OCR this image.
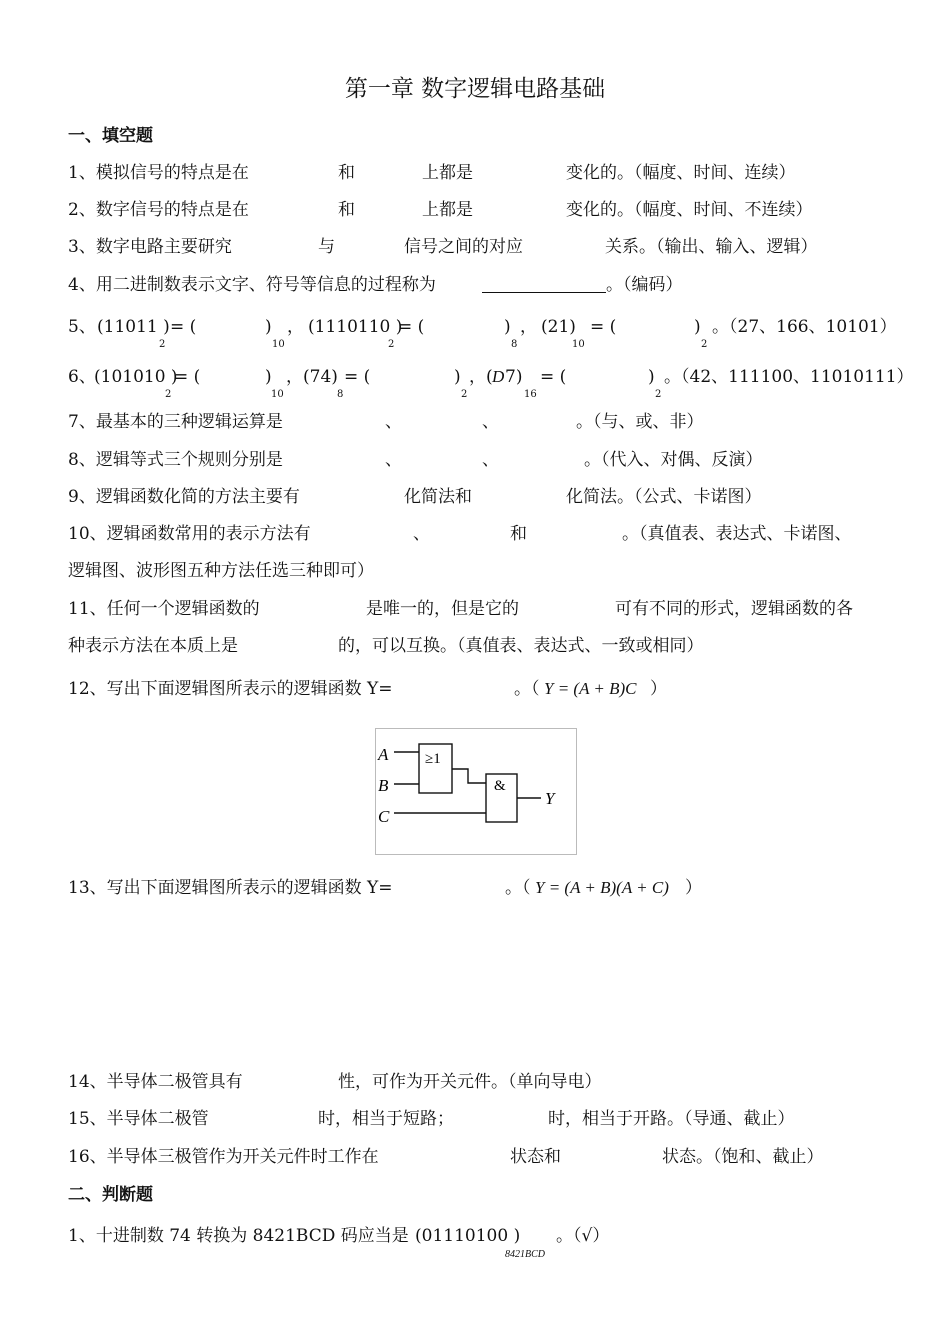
第一章 数字逻辑电路基础
一、填空题
1、模拟信号的特点是在	和	上都是	变化的。（幅度、时间、连续）
2、数字信号的特点是在	和	上都是	变化的。（幅度、时间、不连续）
3、数字电路主要研究	与	信号之间的对应	关系。（输出、输入、逻辑）
4、用二进制数表示文字、符号等信息的过程称为	。（编码）
5、 (11011 )
2
= (	)
10
， (1110110 )
2
= (	)
8
， (21)
10
= (	)
2
。（27、166、10101）
6、
(101010 )
2
= (	)
10
， (74)
8
= (	)
2
， ( D 7)
16
= (	)
2
。（42、111100、11010111）
7、最基本的三种逻辑运算是	、	、	。（与、或、非）
8、逻辑等式三个规则分别是	、	、	。（代入、对偶、反演）
9、逻辑函数化简的方法主要有	化简法和	化简法。（公式、卡诺图）
10、逻辑函数常用的表示方法有	、	和	。（真值表、表达式、卡诺图、
逻辑图、波形图五种方法任选三种即可）
11、任何一个逻辑函数的	是唯一的，但是它的	可有不同的形式，逻辑函数的各
种表示方法在本质上是	的，可以互换。（真值表、表达式、一致或相同）
12、写出下面逻辑图所表示的逻辑函数 Y=	。（ Y = (A + B)C ）
A
B
C
≥1
&
Y
13、写出下面逻辑图所表示的逻辑函数 Y=	。（ Y = (A + B)(A + C) ）
14、半导体二极管具有	性，可作为开关元件。（单向导电）
15、半导体二极管	时，相当于短路；	时，相当于开路。（导通、截止）
16、半导体三极管作为开关元件时工作在	状态和	状态。（饱和、截止）
二、判断题
1、十进制数 74 转换为 8421BCD 码应当是 (01110100 )
8421BCD
。（√）
